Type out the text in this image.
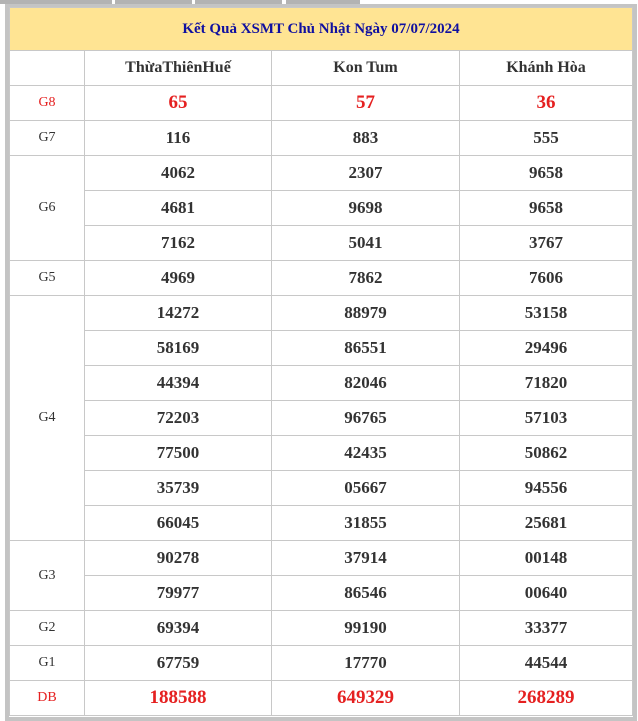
Kết Quả XSMT Chủ Nhật Ngày 07/07/2024			
	ThừaThiênHuế	Kon Tum	Khánh Hòa
G8	65	57	36
G7	116	883	555
G6	4062	2307	9658
	4681	9698	9658
	7162	5041	3767
G5	4969	7862	7606
G4	14272	88979	53158
	58169	86551	29496
	44394	82046	71820
	72203	96765	57103
	77500	42435	50862
	35739	05667	94556
	66045	31855	25681
G3	90278	37914	00148
	79977	86546	00640
G2	69394	99190	33377
G1	67759	17770	44544
DB	188588	649329	268289
